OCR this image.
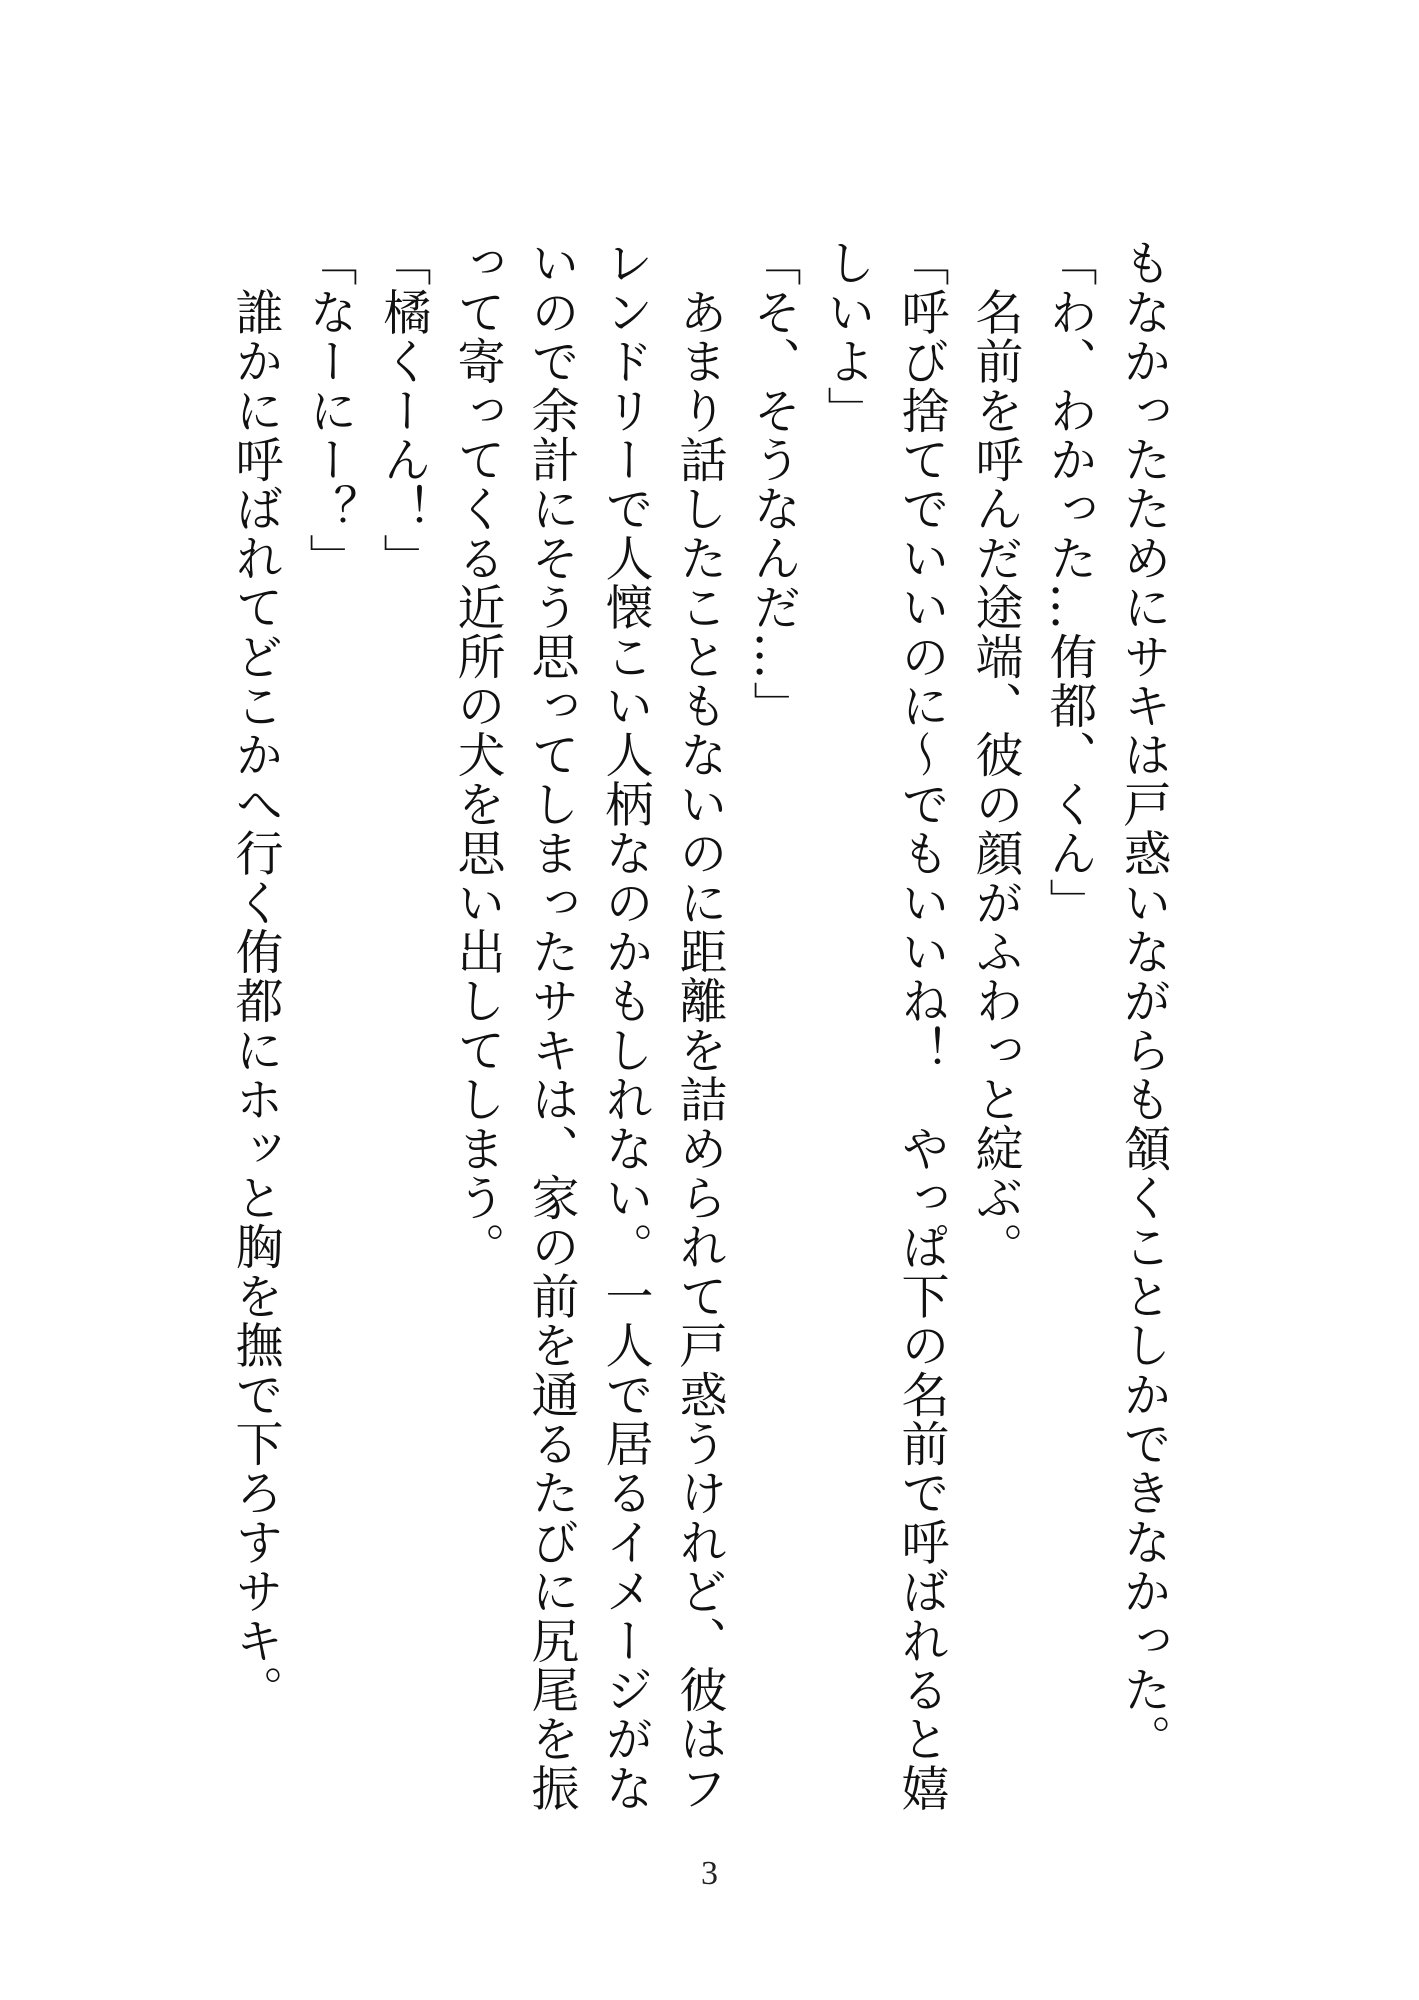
もなかったためにサキは戸惑いながらも頷くことしかできなかった。

「わ、わかった…侑都、くん」

　名前を呼んだ途端、彼の顔がふわっと綻ぶ。

「呼び捨てでいいのに〜でもいいね！　やっぱ下の名前で呼ばれると嬉

しいよ」

「そ、そうなんだ…」

　あまり話したこともないのに距離を詰められて戸惑うけれど、彼はフ

レンドリーで人懐こい人柄なのかもしれない。一人で居るイメージがな

いので余計にそう思ってしまったサキは、家の前を通るたびに尻尾を振

って寄ってくる近所の犬を思い出してしまう。

「橘くーん！」

「なーにー？」

　誰かに呼ばれてどこかへ行く侑都にホッと胸を撫で下ろすサキ。

3
